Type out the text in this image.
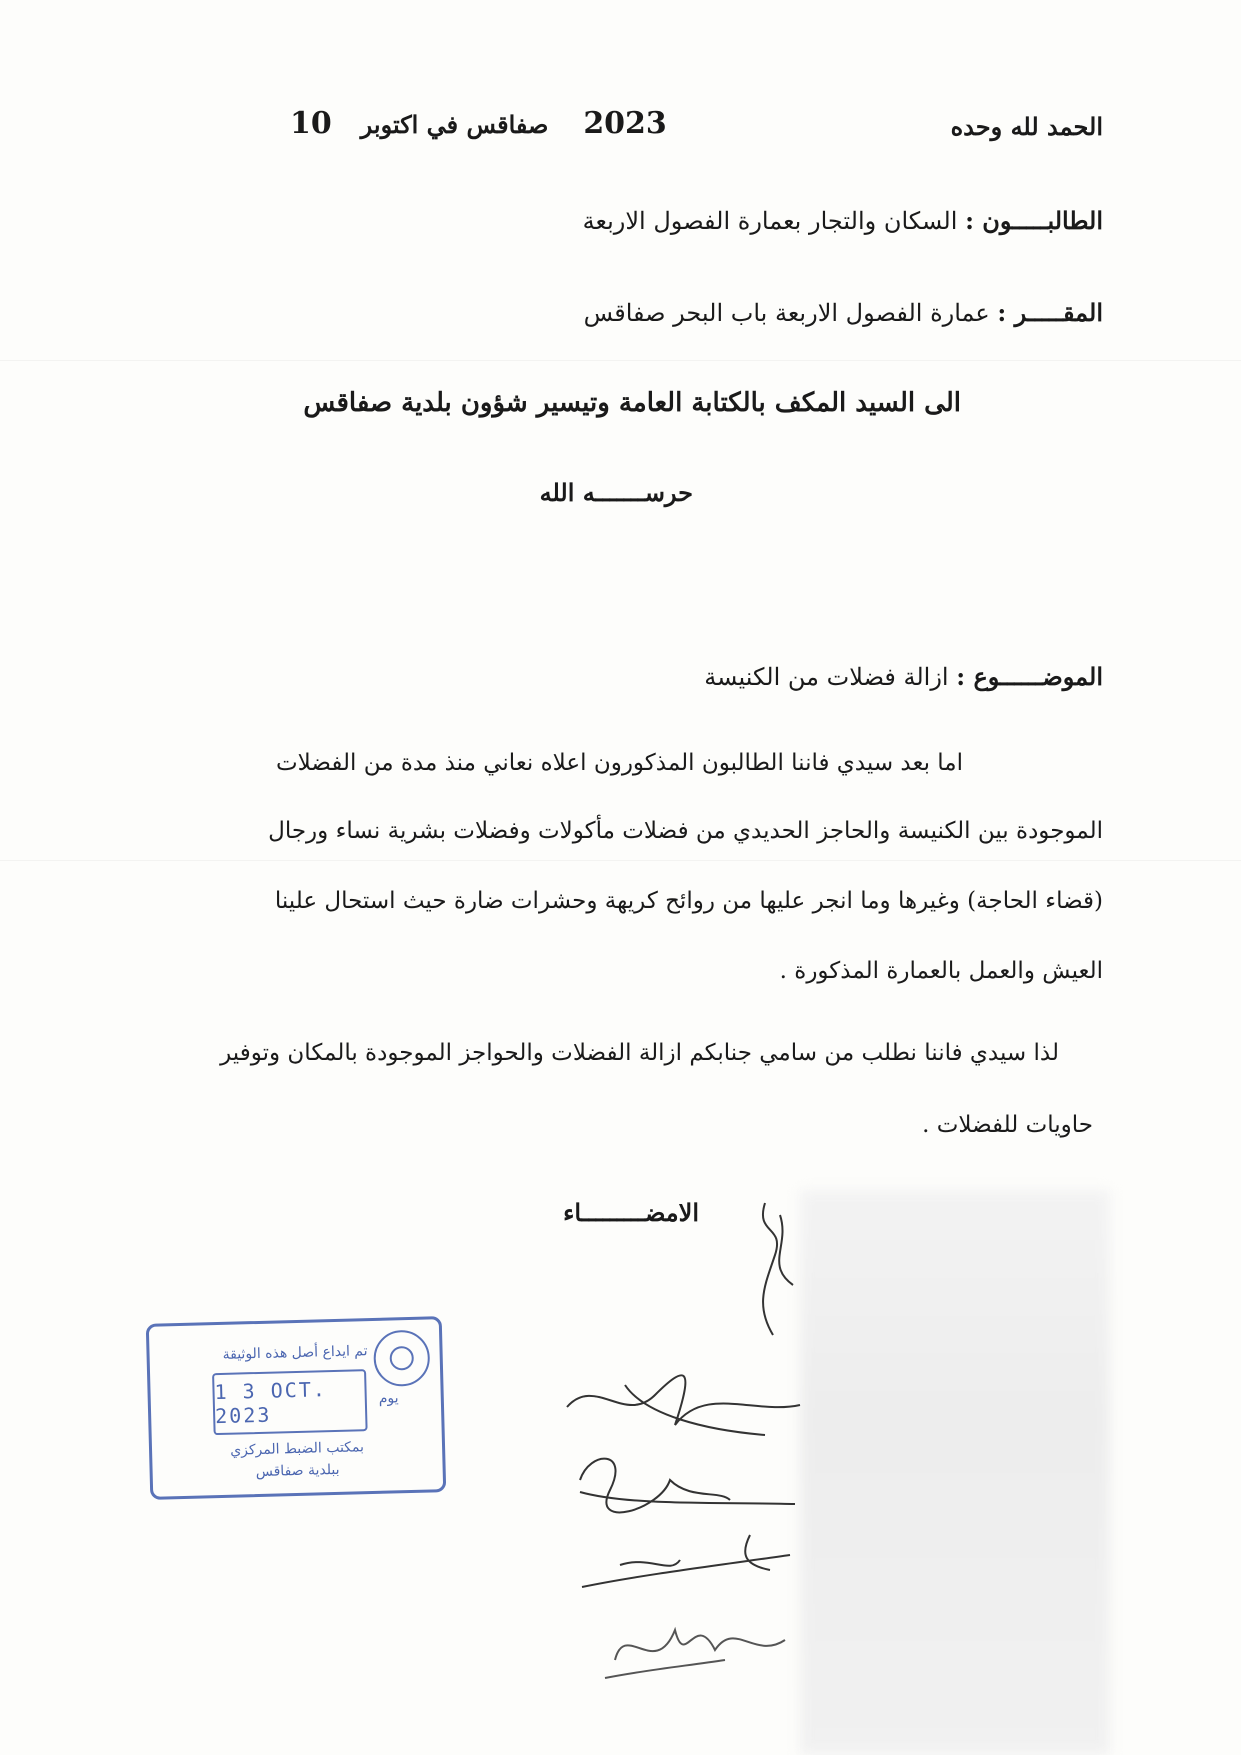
الحمد لله وحده
2023  صفاقس في اكتوبر  10
الطالبـــــون : السكان والتجار بعمارة الفصول الاربعة
المقـــــر : عمارة الفصول الاربعة باب البحر صفاقس
الى السيد المكف بالكتابة العامة وتيسير شؤون بلدية صفاقس
حرســـــــه الله
الموضــــــوع : ازالة فضلات من الكنيسة
اما بعد سيدي فاننا الطالبون المذكورون اعلاه نعاني منذ مدة من الفضلات
الموجودة بين الكنيسة والحاجز الحديدي من فضلات مأكولات وفضلات بشرية نساء ورجال
(قضاء الحاجة) وغيرها وما انجر عليها من روائح كريهة وحشرات ضارة حيث استحال علينا
العيش والعمل بالعمارة المذكورة .
لذا سيدي فاننا نطلب من سامي جنابكم ازالة الفضلات والحواجز الموجودة بالمكان وتوفير
حاويات للفضلات .
الامضـــــــــاء
تم ايداع أصل هذه الوثيقة
1 3 OCT. 2023
يوم
بمكتب الضبط المركزي
ببلدية صفاقس
